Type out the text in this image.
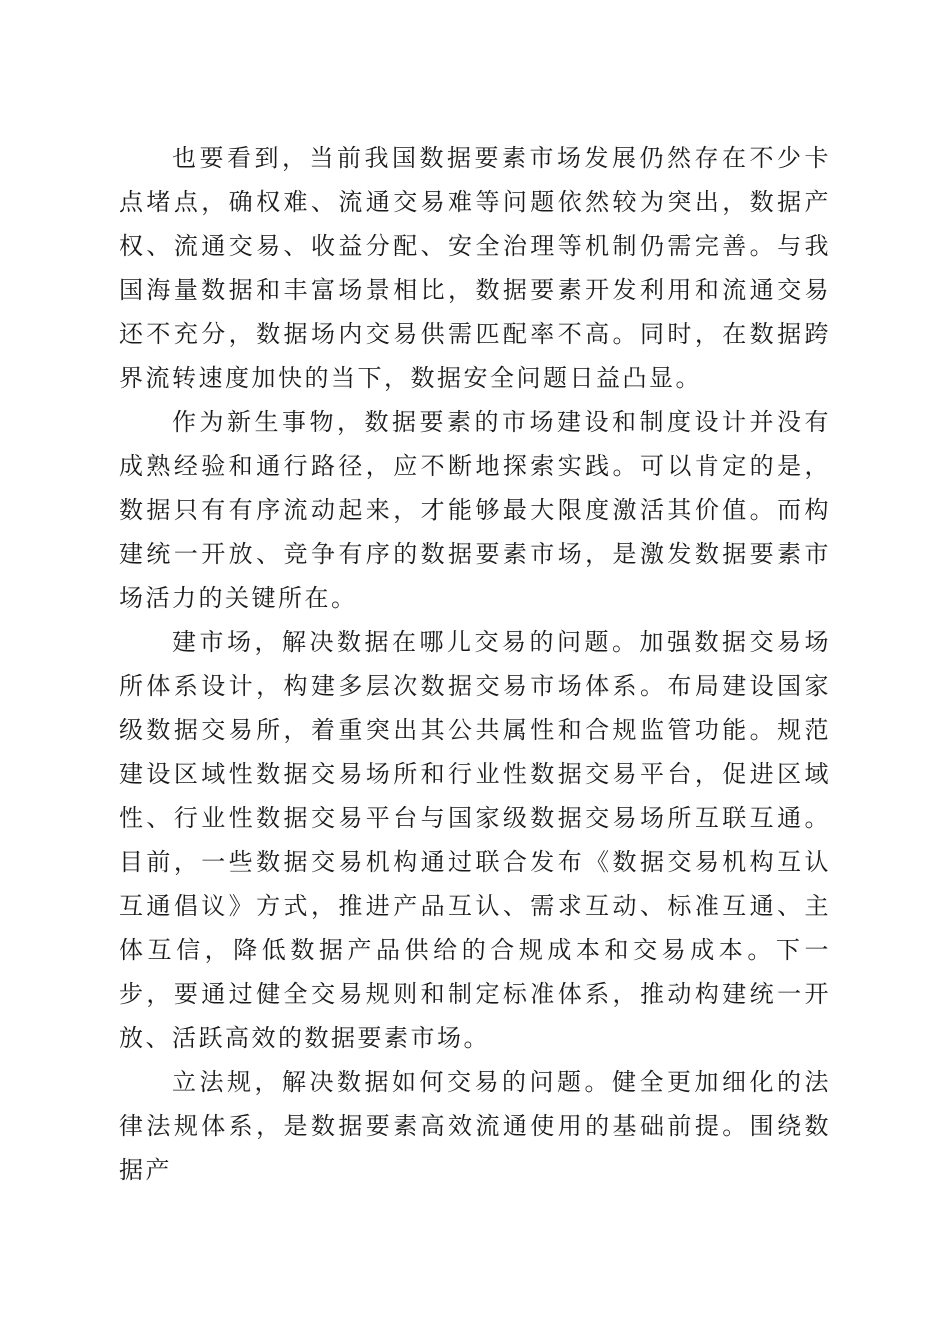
也要看到，当前我国数据要素市场发展仍然存在不少卡点堵点，确权难、流通交易难等问题依然较为突出，数据产权、流通交易、收益分配、安全治理等机制仍需完善。与我国海量数据和丰富场景相比，数据要素开发利用和流通交易还不充分，数据场内交易供需匹配率不高。同时，在数据跨界流转速度加快的当下，数据安全问题日益凸显。

作为新生事物，数据要素的市场建设和制度设计并没有成熟经验和通行路径，应不断地探索实践。可以肯定的是，数据只有有序流动起来，才能够最大限度激活其价值。而构建统一开放、竞争有序的数据要素市场，是激发数据要素市场活力的关键所在。

建市场，解决数据在哪儿交易的问题。加强数据交易场所体系设计，构建多层次数据交易市场体系。布局建设国家级数据交易所，着重突出其公共属性和合规监管功能。规范建设区域性数据交易场所和行业性数据交易平台，促进区域性、行业性数据交易平台与国家级数据交易场所互联互通。目前，一些数据交易机构通过联合发布《数据交易机构互认互通倡议》方式，推进产品互认、需求互动、标准互通、主体互信，降低数据产品供给的合规成本和交易成本。下一步，要通过健全交易规则和制定标准体系，推动构建统一开放、活跃高效的数据要素市场。

立法规，解决数据如何交易的问题。健全更加细化的法律法规体系，是数据要素高效流通使用的基础前提。围绕数据产
